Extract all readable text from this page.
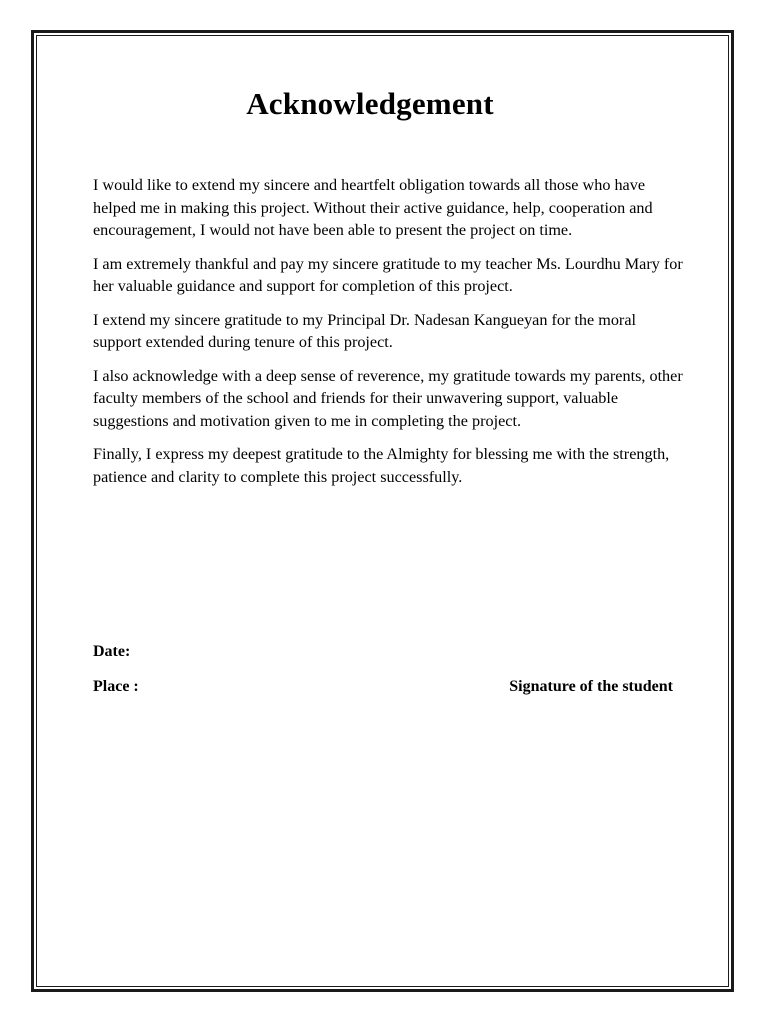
Acknowledgement

I would like to extend my sincere and heartfelt obligation towards all those who have helped me in making this project. Without their active guidance, help, cooperation and encouragement, I would not have been able to present the project on time.

I am extremely thankful and pay my sincere gratitude to my teacher Ms. Lourdhu Mary for her valuable guidance and support for completion of this project.

I extend my sincere gratitude to my Principal Dr. Nadesan Kangueyan for the moral support extended during tenure of this project.

I also acknowledge with a deep sense of reverence, my gratitude towards my parents, other faculty members of the school and friends for their unwavering support, valuable suggestions and motivation given to me in completing the project.

Finally, I express my deepest gratitude to the Almighty for blessing me with the strength, patience and clarity to complete this project successfully.

Date:

Place :	Signature of the student
